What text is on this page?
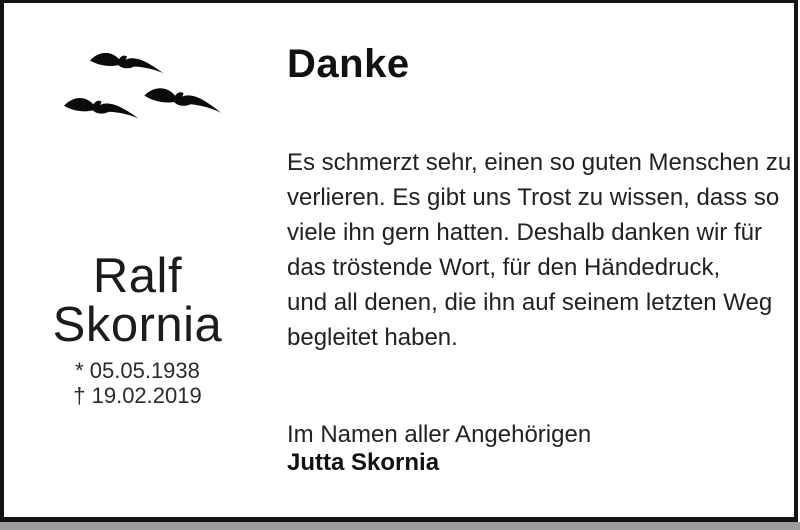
Danke
Es schmerzt sehr, einen so guten Menschen zu
verlieren. Es gibt uns Trost zu wissen, dass so
viele ihn gern hatten. Deshalb danken wir für
das tröstende Wort, für den Händedruck,
und all denen, die ihn auf seinem letzten Weg
begleitet haben.
Ralf
Skornia
* 05.05.1938
† 19.02.2019
Im Namen aller Angehörigen
Jutta Skornia
